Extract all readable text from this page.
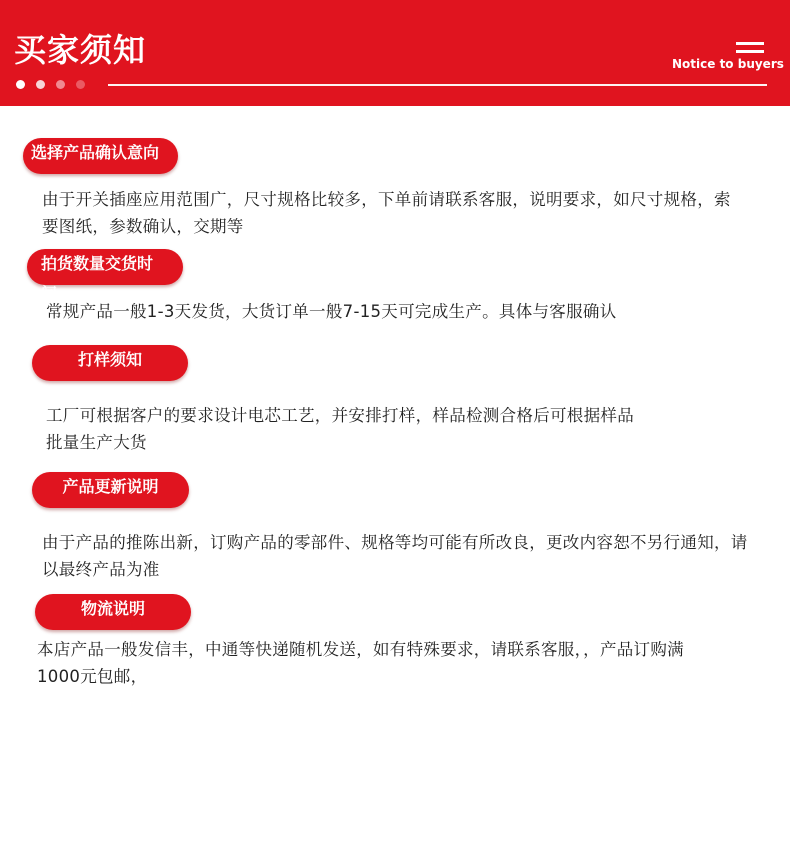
买家须知	Notice to buyers
选择产品确认意向
由于开关插座应用范围广，尺寸规格比较多，下单前请联系客服，说明要求，如尺寸规格，索要图纸，参数确认，交期等
拍货数量交货时间
常规产品一般1-3天发货，大货订单一般7-15天可完成生产。具体与客服确认
打样须知
工厂可根据客户的要求设计电芯工艺，并安排打样，样品检测合格后可根据样品批量生产大货
产品更新说明
由于产品的推陈出新，订购产品的零部件、规格等均可能有所改良，更改内容恕不另行通知，请以最终产品为准
物流说明
本店产品一般发信丰，中通等快递随机发送，如有特殊要求，请联系客服，，产品订购满1000元包邮，
